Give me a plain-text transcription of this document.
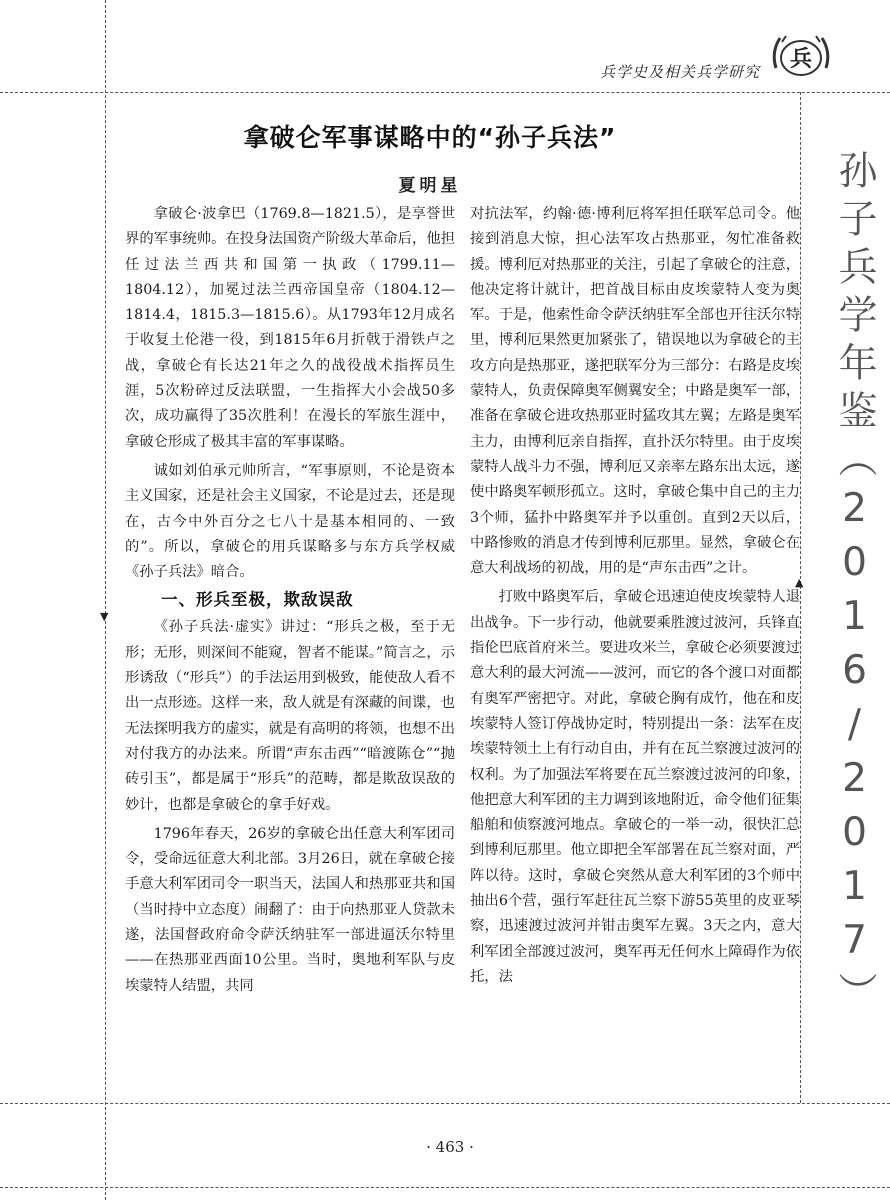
▼
▲
兵学史及相关兵学研究 兵
拿破仑军事谋略中的“孙子兵法”
夏明星

拿破仑·波拿巴（1769.8—1821.5），是享誉世界的军事统帅。在投身法国资产阶级大革命后，他担任过法兰西共和国第一执政（1799.11—1804.12），加冕过法兰西帝国皇帝（1804.12—1814.4，1815.3—1815.6）。从1793年12月成名于收复土伦港一役，到1815年6月折戟于滑铁卢之战，拿破仑有长达21年之久的战役战术指挥员生涯，5次粉碎过反法联盟，一生指挥大小会战50多次，成功赢得了35次胜利！在漫长的军旅生涯中，拿破仑形成了极其丰富的军事谋略。

诚如刘伯承元帅所言，“军事原则，不论是资本主义国家，还是社会主义国家，不论是过去，还是现在，古今中外百分之七八十是基本相同的、一致的”。所以，拿破仑的用兵谋略多与东方兵学权威《孙子兵法》暗合。

一、形兵至极，欺敌误敌

《孙子兵法·虚实》讲过：“形兵之极，至于无形；无形，则深间不能窥，智者不能谋。”简言之，示形诱敌（“形兵”）的手法运用到极致，能使敌人看不出一点形迹。这样一来，敌人就是有深藏的间谍，也无法探明我方的虚实，就是有高明的将领，也想不出对付我方的办法来。所谓“声东击西”“暗渡陈仓”“抛砖引玉”，都是属于“形兵”的范畴，都是欺敌误敌的妙计，也都是拿破仑的拿手好戏。

1796年春天，26岁的拿破仑出任意大利军团司令，受命远征意大利北部。3月26日，就在拿破仑接手意大利军团司令一职当天，法国人和热那亚共和国（当时持中立态度）闹翻了：由于向热那亚人贷款未遂，法国督政府命令萨沃纳驻军一部进逼沃尔特里——在热那亚西面10公里。当时，奥地利军队与皮埃蒙特人结盟，共同

对抗法军，约翰·德·博利厄将军担任联军总司令。他接到消息大惊，担心法军攻占热那亚，匆忙准备救援。博利厄对热那亚的关注，引起了拿破仑的注意，他决定将计就计，把首战目标由皮埃蒙特人变为奥军。于是，他索性命令萨沃纳驻军全部也开往沃尔特里，博利厄果然更加紧张了，错误地以为拿破仑的主攻方向是热那亚，遂把联军分为三部分：右路是皮埃蒙特人，负责保障奥军侧翼安全；中路是奥军一部，准备在拿破仑进攻热那亚时猛攻其左翼；左路是奥军主力，由博利厄亲自指挥，直扑沃尔特里。由于皮埃蒙特人战斗力不强，博利厄又亲率左路东出太远，遂使中路奥军顿形孤立。这时，拿破仑集中自己的主力3个师，猛扑中路奥军并予以重创。直到2天以后，中路惨败的消息才传到博利厄那里。显然，拿破仑在意大利战场的初战，用的是“声东击西”之计。

打败中路奥军后，拿破仑迅速迫使皮埃蒙特人退出战争。下一步行动，他就要乘胜渡过波河，兵锋直指伦巴底首府米兰。要进攻米兰，拿破仑必须要渡过意大利的最大河流——波河，而它的各个渡口对面都有奥军严密把守。对此，拿破仑胸有成竹，他在和皮埃蒙特人签订停战协定时，特别提出一条：法军在皮埃蒙特领土上有行动自由，并有在瓦兰察渡过波河的权利。为了加强法军将要在瓦兰察渡过波河的印象，他把意大利军团的主力调到该地附近，命令他们征集船舶和侦察渡河地点。拿破仑的一举一动，很快汇总到博利厄那里。他立即把全军部署在瓦兰察对面，严阵以待。这时，拿破仑突然从意大利军团的3个师中抽出6个营，强行军赶往瓦兰察下游55英里的皮亚琴察，迅速渡过波河并钳击奥军左翼。3天之内，意大利军团全部渡过波河，奥军再无任何水上障碍作为依托，法	孙子兵学年鉴（2016/2017）
· 463 ·
